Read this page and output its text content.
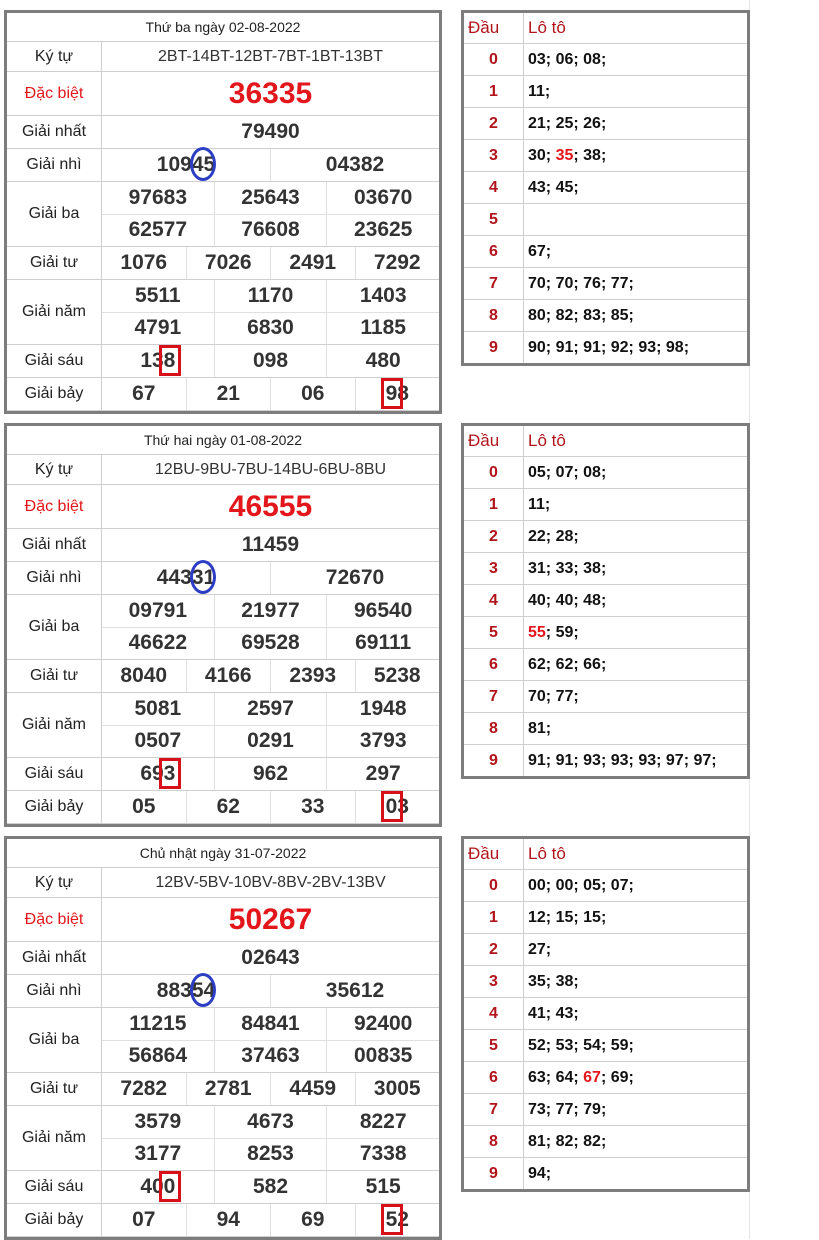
Thứ ba ngày 02-08-2022
Ký tự	2BT-14BT-12BT-7BT-1BT-13BT
Đặc biệt	36335
Giải nhất	79490
Giải nhì	10945	04382
Giải ba
97683	25643	03670
62577	76608	23625
Giải tư	1076	7026	2491	7292
Giải năm
5511	1170	1403
4791	6830	1185
Giải sáu	138	098	480
Giải bảy	67	21	06	98
Đầu	Lô tô
0	03; 06; 08;
1	11;
2	21; 25; 26;
3	30; 35; 38;
4	43; 45;
5
6	67;
7	70; 70; 76; 77;
8	80; 82; 83; 85;
9	90; 91; 91; 92; 93; 98;
Thứ hai ngày 01-08-2022
Ký tự	12BU-9BU-7BU-14BU-6BU-8BU
Đặc biệt	46555
Giải nhất	11459
Giải nhì	44331	72670
Giải ba
09791	21977	96540
46622	69528	69111
Giải tư	8040	4166	2393	5238
Giải năm
5081	2597	1948
0507	0291	3793
Giải sáu	693	962	297
Giải bảy	05	62	33	03
Đầu	Lô tô
0	05; 07; 08;
1	11;
2	22; 28;
3	31; 33; 38;
4	40; 40; 48;
5	55; 59;
6	62; 62; 66;
7	70; 77;
8	81;
9	91; 91; 93; 93; 93; 97; 97;
Chủ nhật ngày 31-07-2022
Ký tự	12BV-5BV-10BV-8BV-2BV-13BV
Đặc biệt	50267
Giải nhất	02643
Giải nhì	88354	35612
Giải ba
11215	84841	92400
56864	37463	00835
Giải tư	7282	2781	4459	3005
Giải năm
3579	4673	8227
3177	8253	7338
Giải sáu	400	582	515
Giải bảy	07	94	69	52
Đầu	Lô tô
0	00; 00; 05; 07;
1	12; 15; 15;
2	27;
3	35; 38;
4	41; 43;
5	52; 53; 54; 59;
6	63; 64; 67; 69;
7	73; 77; 79;
8	81; 82; 82;
9	94;
